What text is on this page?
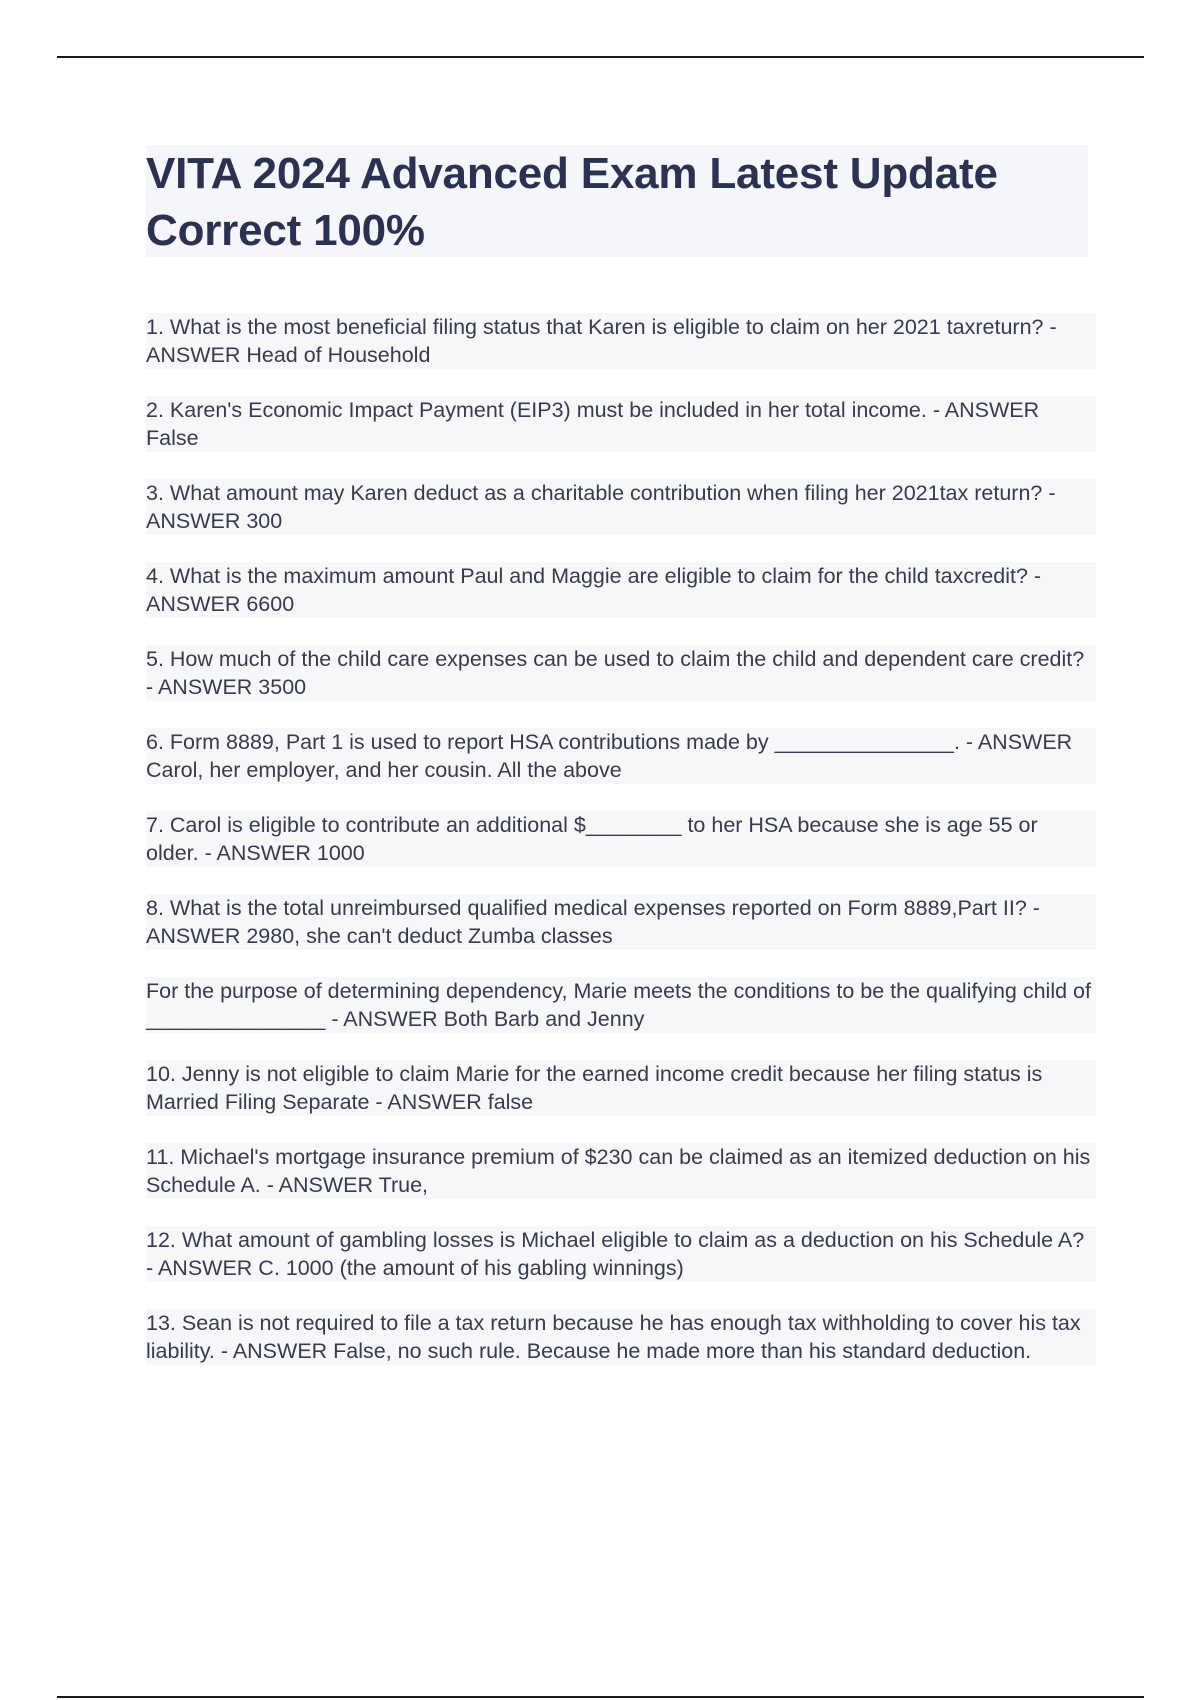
VITA 2024 Advanced Exam Latest Update Correct 100%

1. What is the most beneficial filing status that Karen is eligible to claim on her 2021 taxreturn? - ANSWER Head of Household

2. Karen's Economic Impact Payment (EIP3) must be included in her total income. - ANSWER False

3. What amount may Karen deduct as a charitable contribution when filing her 2021tax return? - ANSWER 300

4. What is the maximum amount Paul and Maggie are eligible to claim for the child taxcredit? - ANSWER 6600

5. How much of the child care expenses can be used to claim the child and dependent care credit? - ANSWER 3500

6. Form 8889, Part 1 is used to report HSA contributions made by _______________. - ANSWER Carol, her employer, and her cousin. All the above

7. Carol is eligible to contribute an additional $________ to her HSA because she is age 55 or older. - ANSWER 1000

8. What is the total unreimbursed qualified medical expenses reported on Form 8889,Part II? - ANSWER 2980, she can't deduct Zumba classes

For the purpose of determining dependency, Marie meets the conditions to be the qualifying child of _______________ - ANSWER Both Barb and Jenny

10. Jenny is not eligible to claim Marie for the earned income credit because her filing status is Married Filing Separate - ANSWER false

11. Michael's mortgage insurance premium of $230 can be claimed as an itemized deduction on his Schedule A. - ANSWER True,

12. What amount of gambling losses is Michael eligible to claim as a deduction on his Schedule A? - ANSWER C. 1000 (the amount of his gabling winnings)

13. Sean is not required to file a tax return because he has enough tax withholding to cover his tax liability. - ANSWER False, no such rule. Because he made more than his standard deduction.
